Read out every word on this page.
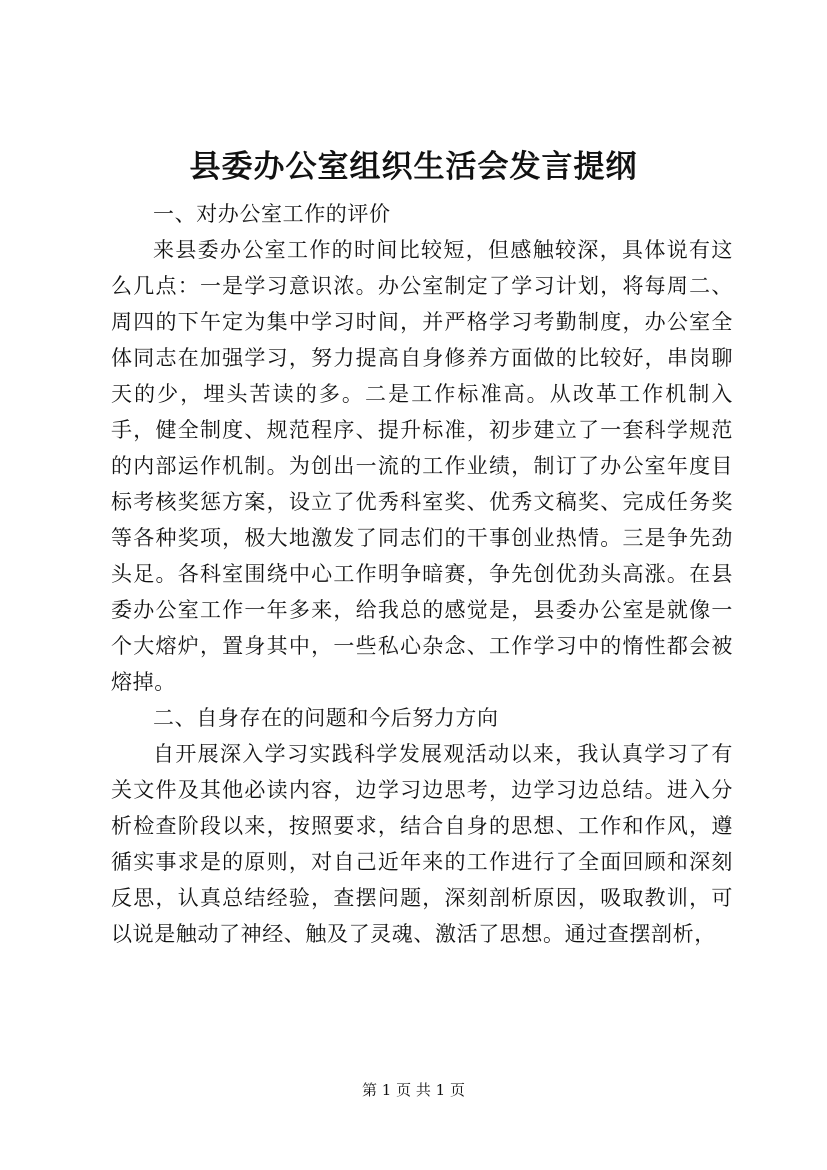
县委办公室组织生活会发言提纲

一、对办公室工作的评价

来县委办公室工作的时间比较短，但感触较深，具体说有这么几点：一是学习意识浓。办公室制定了学习计划，将每周二、周四的下午定为集中学习时间，并严格学习考勤制度，办公室全体同志在加强学习，努力提高自身修养方面做的比较好，串岗聊天的少，埋头苦读的多。二是工作标准高。从改革工作机制入手，健全制度、规范程序、提升标准，初步建立了一套科学规范的内部运作机制。为创出一流的工作业绩，制订了办公室年度目标考核奖惩方案，设立了优秀科室奖、优秀文稿奖、完成任务奖等各种奖项，极大地激发了同志们的干事创业热情。三是争先劲头足。各科室围绕中心工作明争暗赛，争先创优劲头高涨。在县委办公室工作一年多来，给我总的感觉是，县委办公室是就像一个大熔炉，置身其中，一些私心杂念、工作学习中的惰性都会被熔掉。

二、自身存在的问题和今后努力方向

自开展深入学习实践科学发展观活动以来，我认真学习了有关文件及其他必读内容，边学习边思考，边学习边总结。进入分析检查阶段以来，按照要求，结合自身的思想、工作和作风，遵循实事求是的原则，对自己近年来的工作进行了全面回顾和深刻反思，认真总结经验，查摆问题，深刻剖析原因，吸取教训，可以说是触动了神经、触及了灵魂、激活了思想。通过查摆剖析，

第 1 页 共 1 页
